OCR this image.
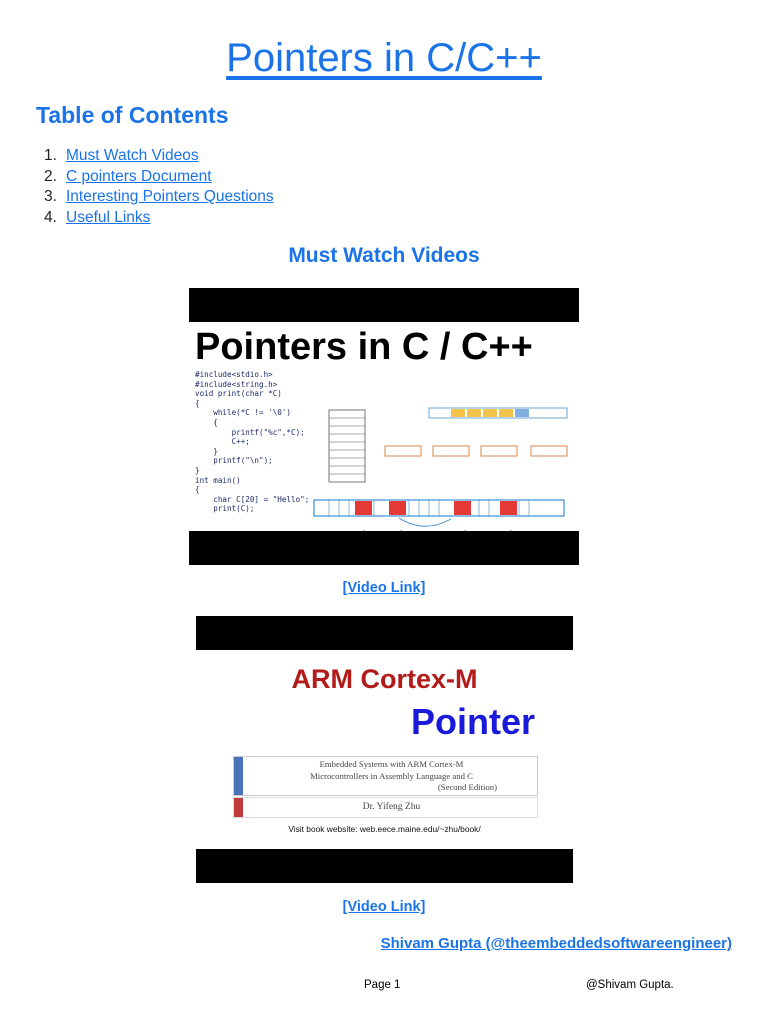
Pointers in C/C++
Table of Contents
1. Must Watch Videos
2. C pointers Document
3. Interesting Pointers Questions
4. Useful Links
Must Watch Videos
Pointers in C / C++
#include<stdio.h>
#include<string.h>
void print(char *C)
{
while(*C != '\0')
{
printf("%c",*C);
C++;
}
printf("\n");
}
int main()
{
char C[20] = "Hello";
print(C);
[Video Link]
ARM Cortex-M
Pointer
Embedded Systems with ARM Cortex-M
Microcontrollers in Assembly Language and C
(Second Edition)
Dr. Yifeng Zhu
Visit book website: web.eece.maine.edu/~zhu/book/
[Video Link]
Shivam Gupta (@theembeddedsoftwareengineer)
Page 1	@Shivam Gupta.
